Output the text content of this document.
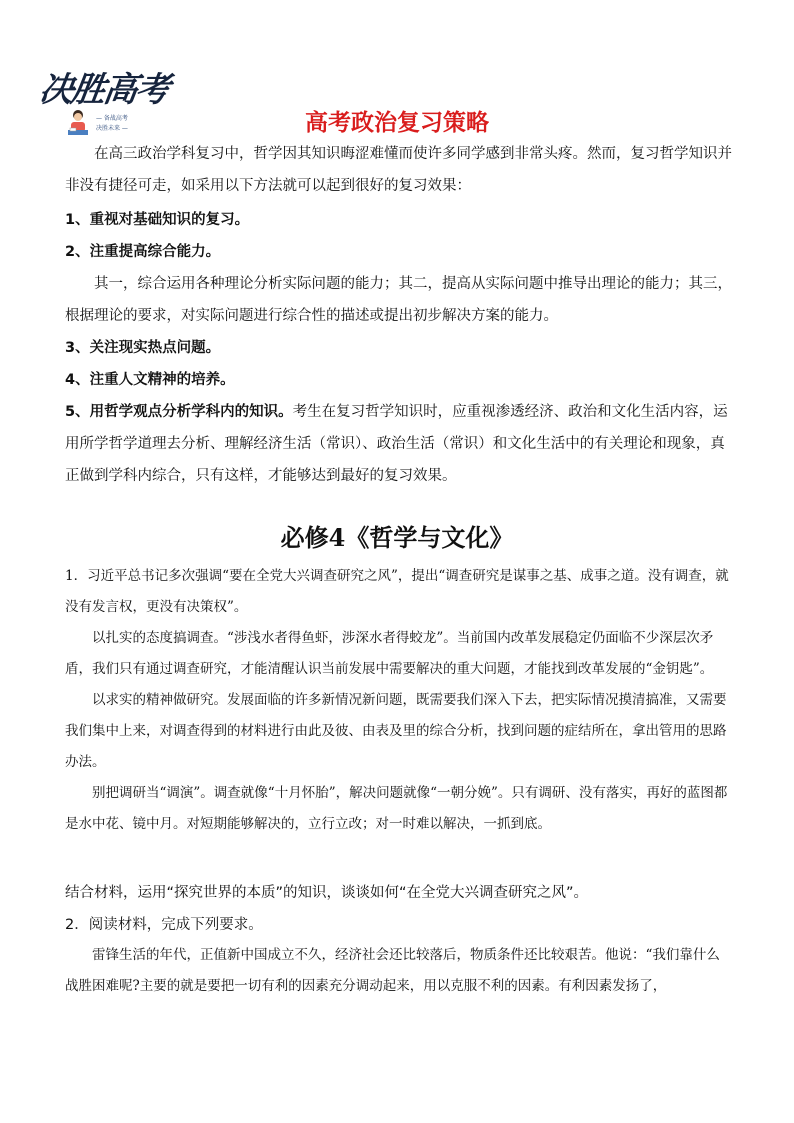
决胜高考
— 备战高考
决胜未来 —	高考政治复习策略

在高三政治学科复习中，哲学因其知识晦涩难懂而使许多同学感到非常头疼。然而，复习哲学知识并非没有捷径可走，如采用以下方法就可以起到很好的复习效果：

1、重视对基础知识的复习。

2、注重提高综合能力。

其一，综合运用各种理论分析实际问题的能力；其二，提高从实际问题中推导出理论的能力；其三，根据理论的要求，对实际问题进行综合性的描述或提出初步解决方案的能力。

3、关注现实热点问题。

4、注重人文精神的培养。

5、用哲学观点分析学科内的知识。考生在复习哲学知识时，应重视渗透经济、政治和文化生活内容，运用所学哲学道理去分析、理解经济生活（常识）、政治生活（常识）和文化生活中的有关理论和现象，真正做到学科内综合，只有这样，才能够达到最好的复习效果。

必修4《哲学与文化》

1．习近平总书记多次强调“要在全党大兴调查研究之风”，提出“调查研究是谋事之基、成事之道。没有调查，就没有发言权，更没有决策权”。

以扎实的态度搞调查。“涉浅水者得鱼虾，涉深水者得蛟龙”。当前国内改革发展稳定仍面临不少深层次矛盾，我们只有通过调查研究，才能清醒认识当前发展中需要解决的重大问题，才能找到改革发展的“金钥匙”。

以求实的精神做研究。发展面临的许多新情况新问题，既需要我们深入下去，把实际情况摸清搞准，又需要我们集中上来，对调查得到的材料进行由此及彼、由表及里的综合分析，找到问题的症结所在，拿出管用的思路办法。

别把调研当“调演”。调查就像“十月怀胎”，解决问题就像“一朝分娩”。只有调研、没有落实，再好的蓝图都是水中花、镜中月。对短期能够解决的，立行立改；对一时难以解决，一抓到底。

结合材料，运用“探究世界的本质”的知识，谈谈如何“在全党大兴调查研究之风”。

2．阅读材料，完成下列要求。

雷锋生活的年代，正值新中国成立不久，经济社会还比较落后，物质条件还比较艰苦。他说：“我们靠什么战胜困难呢?主要的就是要把一切有利的因素充分调动起来，用以克服不利的因素。有利因素发扬了，
